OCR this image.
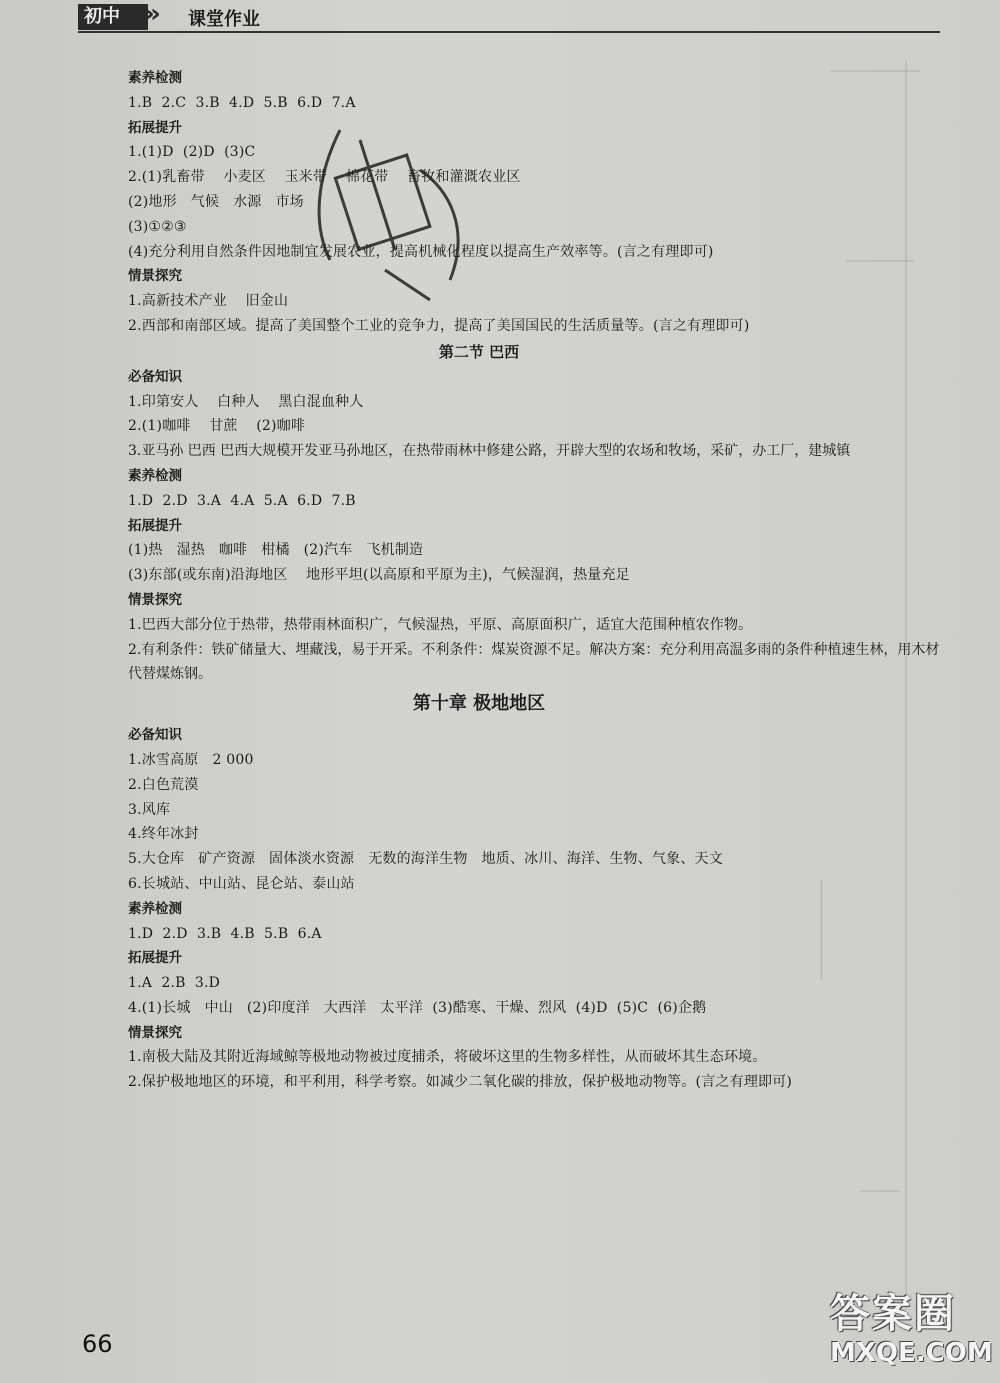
初中 »	课堂作业
素养检测
1.B  2.C  3.B  4.D  5.B  6.D  7.A
拓展提升
1.(1)D  (2)D  (3)C
2.(1)乳畜带    小麦区    玉米带    棉花带    畜牧和灌溉农业区
(2)地形   气候   水源   市场
(3)①②③
(4)充分利用自然条件因地制宜发展农业，提高机械化程度以提高生产效率等。(言之有理即可)
情景探究
1.高新技术产业    旧金山
2.西部和南部区域。提高了美国整个工业的竞争力，提高了美国国民的生活质量等。(言之有理即可)
第二节 巴西
必备知识
1.印第安人    白种人    黑白混血种人
2.(1)咖啡    甘蔗    (2)咖啡
3.亚马孙 巴西 巴西大规模开发亚马孙地区，在热带雨林中修建公路，开辟大型的农场和牧场，采矿，办工厂，建城镇
素养检测
1.D  2.D  3.A  4.A  5.A  6.D  7.B
拓展提升
(1)热   湿热   咖啡   柑橘   (2)汽车   飞机制造
(3)东部(或东南)沿海地区    地形平坦(以高原和平原为主)，气候湿润，热量充足
情景探究
1.巴西大部分位于热带，热带雨林面积广，气候湿热，平原、高原面积广，适宜大范围种植农作物。
2.有利条件：铁矿储量大、埋藏浅，易于开采。不利条件：煤炭资源不足。解决方案：充分利用高温多雨的条件种植速生林，用木材代替煤炼钢。
第十章 极地地区
必备知识
1.冰雪高原   2 000
2.白色荒漠
3.风库
4.终年冰封
5.大仓库   矿产资源   固体淡水资源   无数的海洋生物   地质、冰川、海洋、生物、气象、天文
6.长城站、中山站、昆仑站、泰山站
素养检测
1.D  2.D  3.B  4.B  5.B  6.A
拓展提升
1.A  2.B  3.D
4.(1)长城   中山   (2)印度洋   大西洋   太平洋  (3)酷寒、干燥、烈风  (4)D  (5)C  (6)企鹅
情景探究
1.南极大陆及其附近海域鲸等极地动物被过度捕杀，将破坏这里的生物多样性，从而破坏其生态环境。
2.保护极地地区的环境，和平利用，科学考察。如减少二氧化碳的排放，保护极地动物等。(言之有理即可)
66
答案圈
MXQE.COM
